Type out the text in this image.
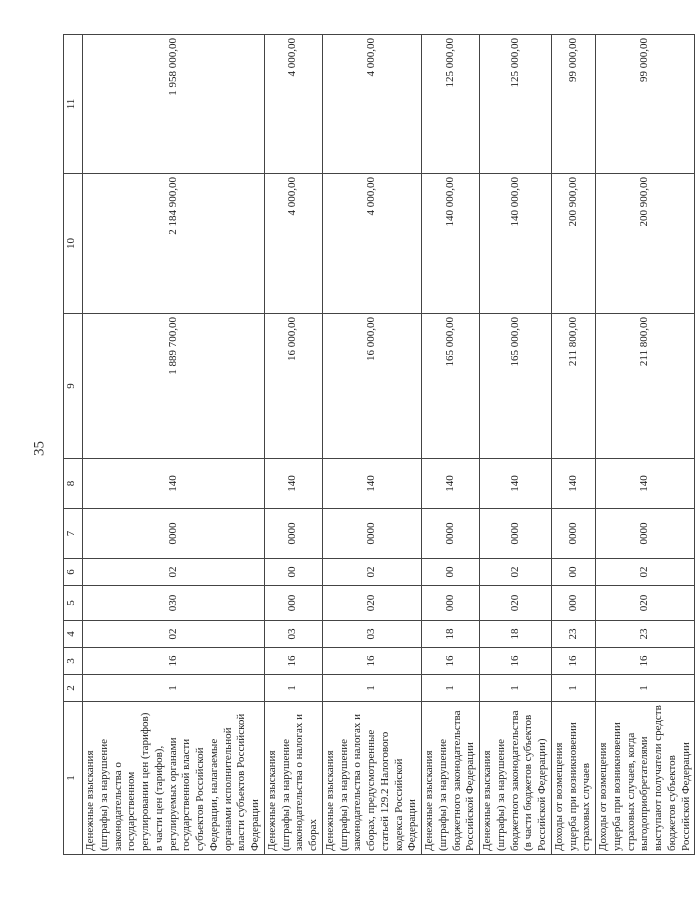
35
1	2	3	4	5	6	7	8	9	10	11
Денежные взыскания (штрафы) за нарушение законодательства о государственном регулировании цен (тарифов) в части цен (тарифов), регулируемых органами государственной власти субъектов Российской Федерации, налагаемые органами исполнительной власти субъектов Российской Федерации	1	16	02	030	02	0000	140	1 889 700,00	2 184 900,00	1 958 000,00
Денежные взыскания (штрафы) за нарушение законодательства о налогах и сборах	1	16	03	000	00	0000	140	16 000,00	4 000,00	4 000,00
Денежные взыскания (штрафы) за нарушение законодательства о налогах и сборах, предусмотренные статьей 129.2 Налогового кодекса Российской Федерации	1	16	03	020	02	0000	140	16 000,00	4 000,00	4 000,00
Денежные взыскания (штрафы) за нарушение бюджетного законодательства Российской Федерации	1	16	18	000	00	0000	140	165 000,00	140 000,00	125 000,00
Денежные взыскания (штрафы) за нарушение бюджетного законодательства (в части бюджетов субъектов Российской Федерации)	1	16	18	020	02	0000	140	165 000,00	140 000,00	125 000,00
Доходы от возмещения ущерба при возникновении страховых случаев	1	16	23	000	00	0000	140	211 800,00	200 900,00	99 000,00
Доходы от возмещения ущерба при возникновении страховых случаев, когда выгодоприобретателями выступают получатели средств бюджетов субъектов Российской Федерации	1	16	23	020	02	0000	140	211 800,00	200 900,00	99 000,00
